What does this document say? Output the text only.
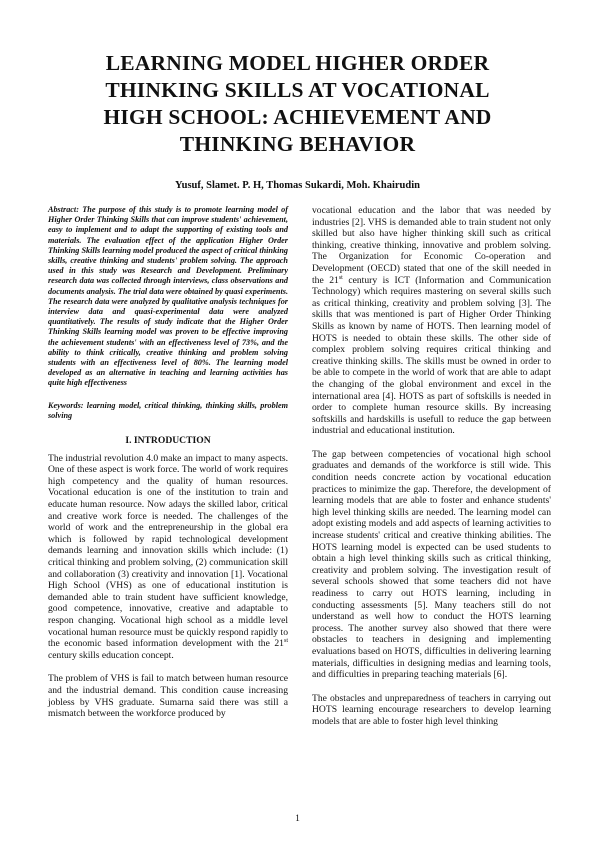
LEARNING MODEL HIGHER ORDER
THINKING SKILLS AT VOCATIONAL
HIGH SCHOOL: ACHIEVEMENT AND
THINKING BEHAVIOR
Yusuf, Slamet. P. H, Thomas Sukardi, Moh. Khairudin

Abstract: The purpose of this study is to promote learning model of Higher Order Thinking Skills that can improve students' achievement, easy to implement and to adapt the supporting of existing tools and materials. The evaluation effect of the application Higher Order Thinking Skills learning model produced the aspect of critical thinking skills, creative thinking and students' problem solving. The approach used in this study was Research and Development. Preliminary research data was collected through interviews, class observations and documents analysis. The trial data were obtained by quasi experiments. The research data were analyzed by qualitative analysis techniques for interview data and quasi-experimental data were analyzed quantitatively. The results of study indicate that the Higher Order Thinking Skills learning model was proven to be effective improving the achievement students' with an effectiveness level of 73%, and the ability to think critically, creative thinking and problem solving students with an effectiveness level of 80%. The learning model developed as an alternative in teaching and learning activities has quite high effectiveness

Keywords: learning model, critical thinking, thinking skills, problem solving

I. INTRODUCTION

The industrial revolution 4.0 make an impact to many aspects. One of these aspect is work force. The world of work requires high competency and the quality of human resources. Vocational education is one of the institution to train and educate human resource. Now adays the skilled labor, critical and creative work force is needed. The challenges of the world of work and the entrepreneurship in the global era which is followed by rapid technological development demands learning and innovation skills which include: (1) critical thinking and problem solving, (2) communication skill and collaboration (3) creativity and innovation [1]. Vocational High School (VHS) as one of educational institution is demanded able to train student have sufficient knowledge, good competence, innovative, creative and adaptable to respon changing. Vocational high school as a middle level vocational human resource must be quickly respond rapidly to the economic based information development with the 21st century skills education concept.

The problem of VHS is fail to match between human resource and the industrial demand. This condition cause increasing jobless by VHS graduate. Sumarna said there was still a mismatch between the workforce produced by

vocational education and the labor that was needed by industries [2]. VHS is demanded able to train student not only skilled but also have higher thinking skill such as critical thinking, creative thinking, innovative and problem solving. The Organization for Economic Co-operation and Development (OECD) stated that one of the skill needed in the 21st century is ICT (Information and Communication Technology) which requires mastering on several skills such as critical thinking, creativity and problem solving [3]. The skills that was mentioned is part of Higher Order Thinking Skills as known by name of HOTS. Then learning model of HOTS is needed to obtain these skills. The other side of complex problem solving requires critical thinking and creative thinking skills. The skills must be owned in order to be able to compete in the world of work that are able to adapt the changing of the global environment and excel in the international area [4]. HOTS as part of softskills is needed in order to complete human resource skills. By increasing softskills and hardskills is usefull to reduce the gap between industrial and educational institution.

The gap between competencies of vocational high school graduates and demands of the workforce is still wide. This condition needs concrete action by vocational education practices to minimize the gap. Therefore, the development of learning models that are able to foster and enhance students' high level thinking skills are needed. The learning model can adopt existing models and add aspects of learning activities to increase students' critical and creative thinking abilities. The HOTS learning model is expected can be used students to obtain a high level thinking skills such as critical thinking, creativity and problem solving. The investigation result of several schools showed that some teachers did not have readiness to carry out HOTS learning, including in conducting assessments [5]. Many teachers still do not understand as well how to conduct the HOTS learning process. The another survey also showed that there were obstacles to teachers in designing and implementing evaluations based on HOTS, difficulties in delivering learning materials, difficulties in designing medias and learning tools, and difficulties in preparing teaching materials [6].

The obstacles and unpreparedness of teachers in carrying out HOTS learning encourage researchers to develop learning models that are able to foster high level thinking

1
